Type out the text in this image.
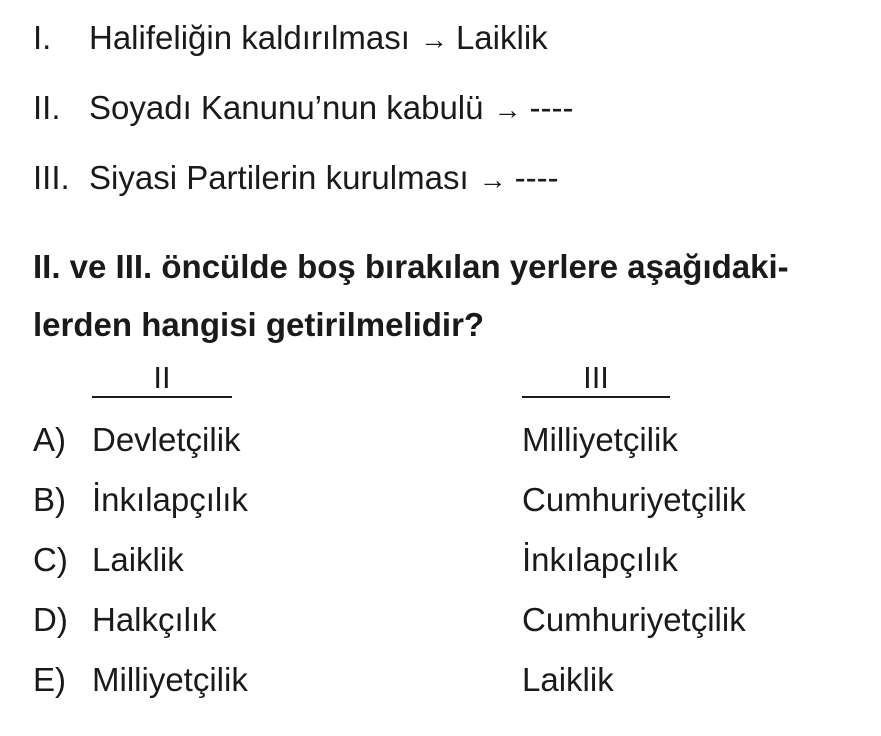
I. Halifeliğin kaldırılması → Laiklik
II. Soyadı Kanunu’nun kabulü → ----
III. Siyasi Partilerin kurulması → ----
II. ve III. öncülde boş bırakılan yerlere aşağıdaki-
lerden hangisi getirilmelidir?
II	III
A) Devletçilik	Milliyetçilik
B) İnkılapçılık	Cumhuriyetçilik
C) Laiklik	İnkılapçılık
D) Halkçılık	Cumhuriyetçilik
E) Milliyetçilik	Laiklik
